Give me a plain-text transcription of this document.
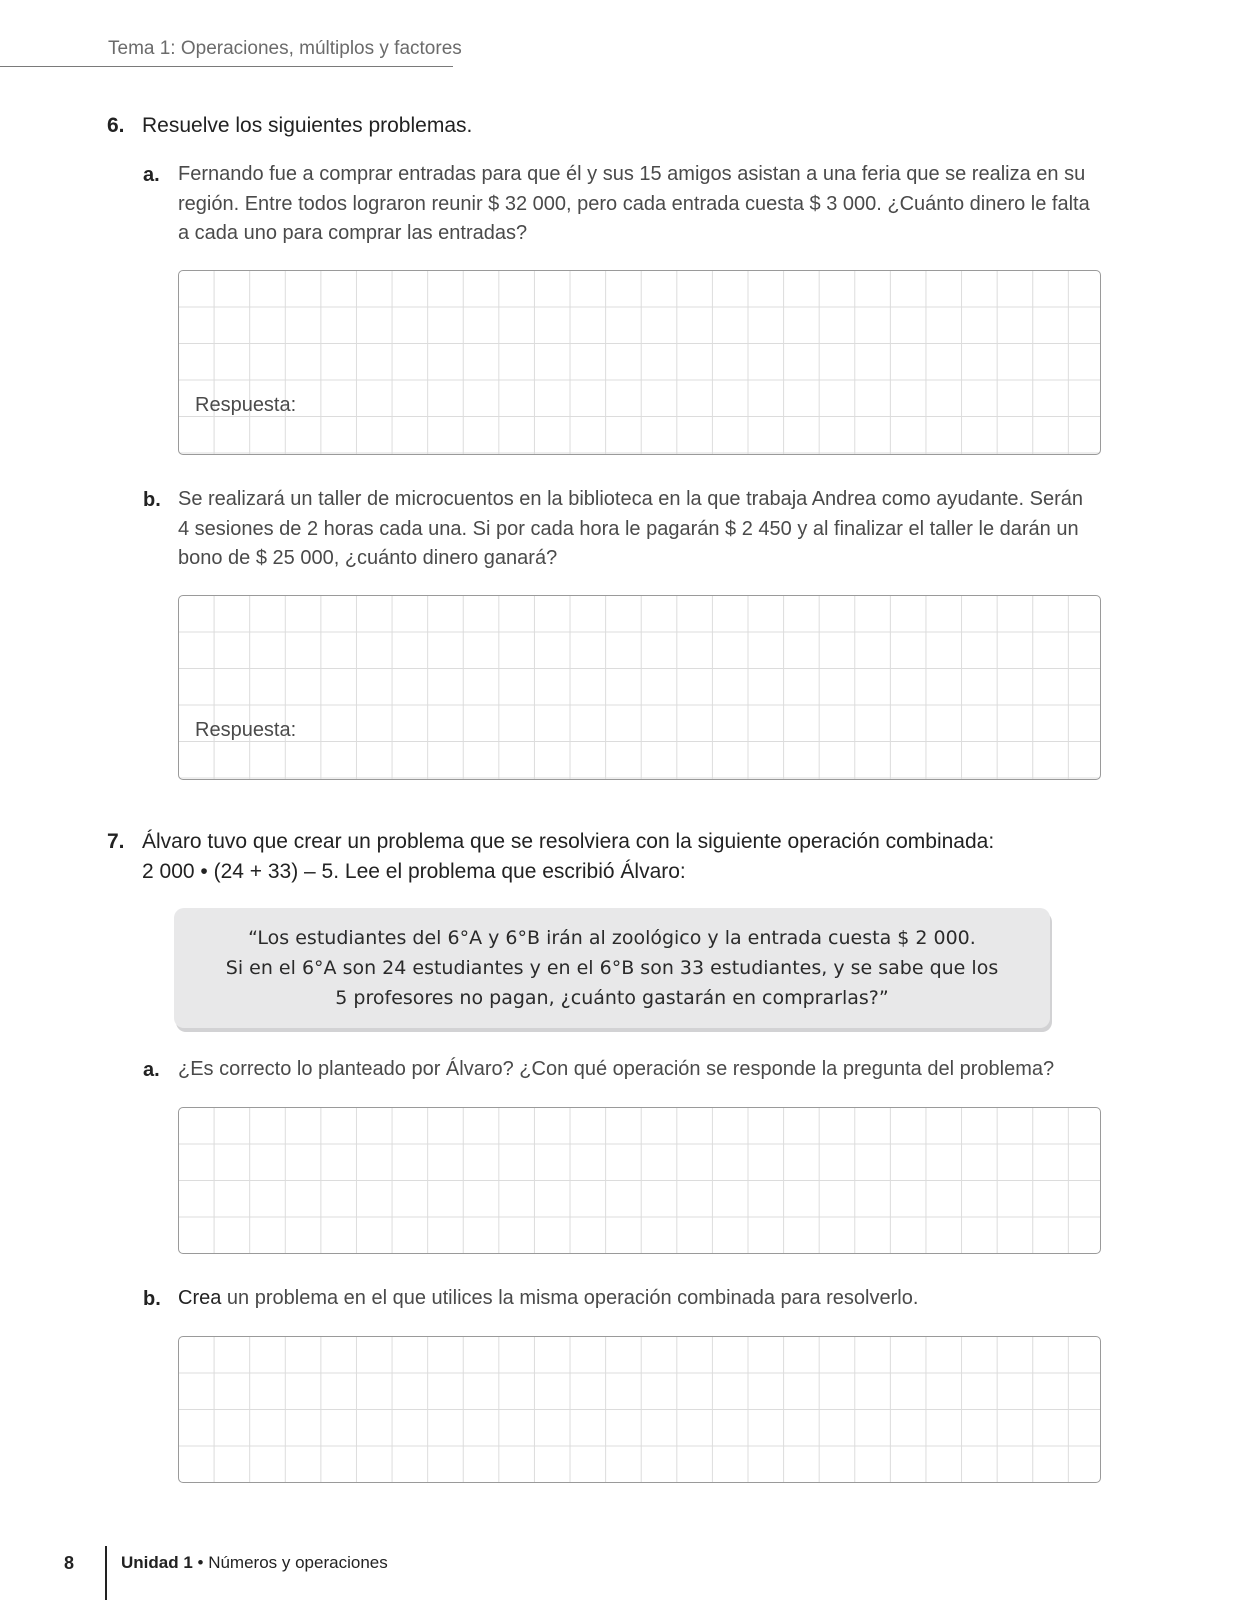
Tema 1: Operaciones, múltiplos y factores
6. Resuelve los siguientes problemas.
a. Fernando fue a comprar entradas para que él y sus 15 amigos asistan a una feria que se realiza en su
región. Entre todos lograron reunir $ 32 000, pero cada entrada cuesta $ 3 000. ¿Cuánto dinero le falta
a cada uno para comprar las entradas?
Respuesta:
b. Se realizará un taller de microcuentos en la biblioteca en la que trabaja Andrea como ayudante. Serán
4 sesiones de 2 horas cada una. Si por cada hora le pagarán $ 2 450 y al finalizar el taller le darán un
bono de $ 25 000, ¿cuánto dinero ganará?
Respuesta:
7. Álvaro tuvo que crear un problema que se resolviera con la siguiente operación combinada:
2 000 • (24 + 33) – 5. Lee el problema que escribió Álvaro:
“Los estudiantes del 6°A y 6°B irán al zoológico y la entrada cuesta $ 2 000.
Si en el 6°A son 24 estudiantes y en el 6°B son 33 estudiantes, y se sabe que los
5 profesores no pagan, ¿cuánto gastarán en comprarlas?”
a. ¿Es correcto lo planteado por Álvaro? ¿Con qué operación se responde la pregunta del problema?
b. Crea un problema en el que utilices la misma operación combinada para resolverlo.
8	Unidad 1 • Números y operaciones
